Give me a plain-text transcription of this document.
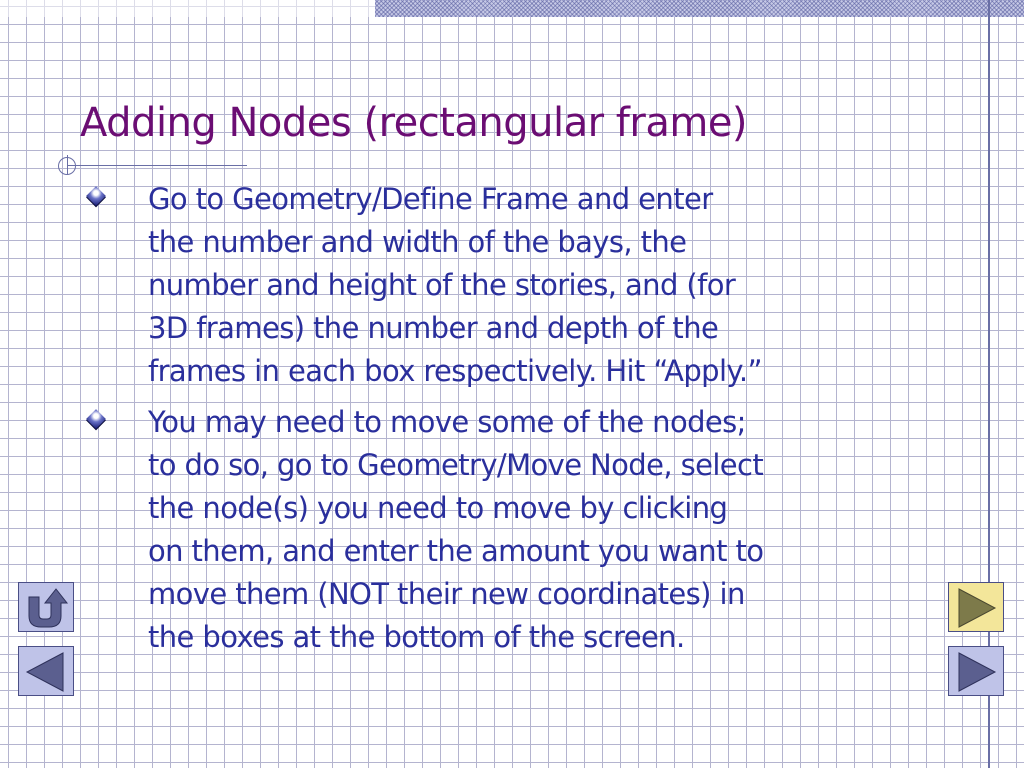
Adding Nodes (rectangular frame)
Go to Geometry/Define Frame and enter
the number and width of the bays, the
number and height of the stories, and (for
3D frames) the number and depth of the
frames in each box respectively. Hit “Apply.”
You may need to move some of the nodes;
to do so, go to Geometry/Move Node, select
the node(s) you need to move by clicking
on them, and enter the amount you want to
move them (NOT their new coordinates) in
the boxes at the bottom of the screen.
